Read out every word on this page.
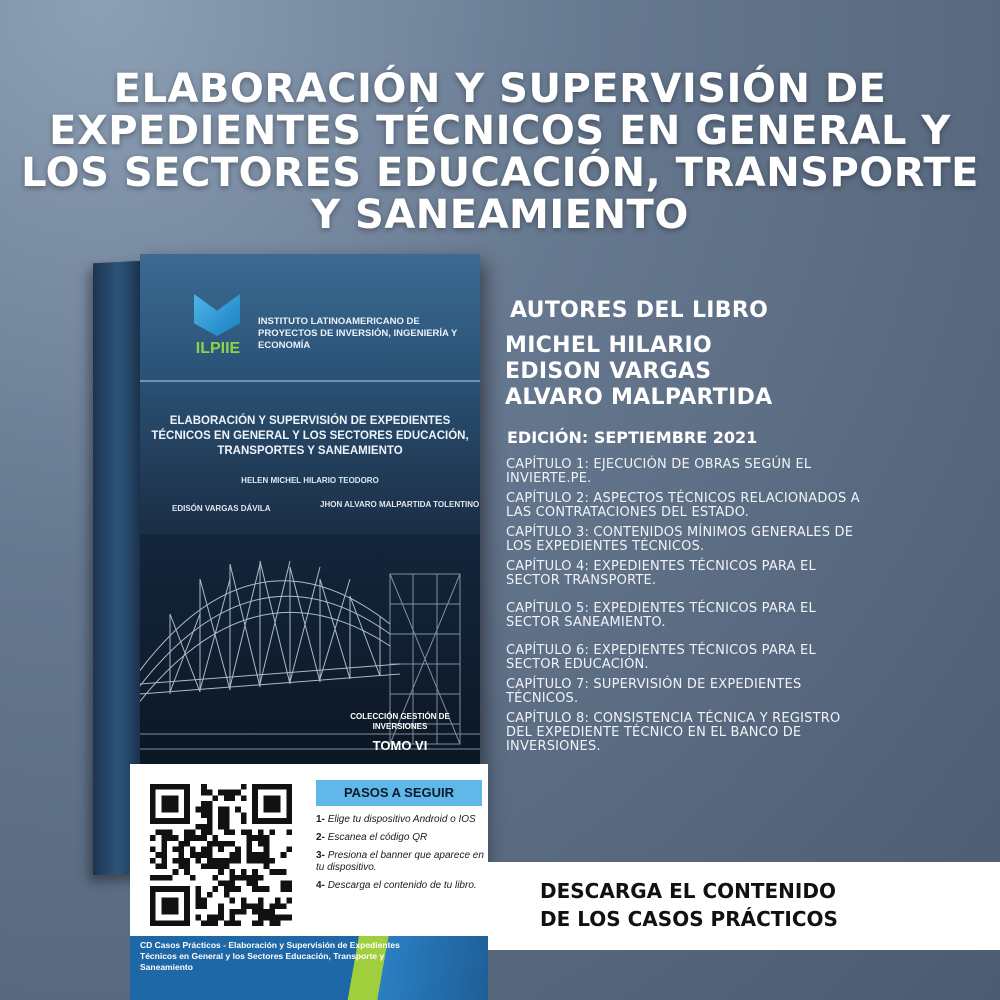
ELABORACIÓN Y SUPERVISIÓN DE
EXPEDIENTES TÉCNICOS EN GENERAL Y
LOS SECTORES EDUCACIÓN, TRANSPORTE
Y SANEAMIENTO
ILPIIE
INSTITUTO LATINOAMERICANO DE PROYECTOS DE INVERSIÓN, INGENIERÍA Y ECONOMÍA
ELABORACIÓN Y SUPERVISIÓN DE EXPEDIENTES TÉCNICOS EN GENERAL Y LOS SECTORES EDUCACIÓN, TRANSPORTES Y SANEAMIENTO
HELEN MICHEL HILARIO TEODORO
EDISÓN VARGAS DÁVILA	JHON ALVARO MALPARTIDA TOLENTINO
COLECCIÓN GESTIÓN DE INVERSIONES
TOMO VI
AUTORES DEL LIBRO
MICHEL HILARIO
EDISON VARGAS
ALVARO MALPARTIDA
EDICIÓN: SEPTIEMBRE 2021
CAPÍTULO 1: EJECUCIÓN DE OBRAS SEGÚN EL INVIERTE.PE.
CAPÍTULO 2: ASPECTOS TÉCNICOS RELACIONADOS A LAS CONTRATACIONES DEL ESTADO.
CAPÍTULO 3: CONTENIDOS MÍNIMOS GENERALES DE LOS EXPEDIENTES TÉCNICOS.
CAPÍTULO 4: EXPEDIENTES TÉCNICOS PARA EL SECTOR TRANSPORTE.
CAPÍTULO 5: EXPEDIENTES TÉCNICOS PARA EL SECTOR SANEAMIENTO.
CAPÍTULO 6: EXPEDIENTES TÉCNICOS PARA EL SECTOR EDUCACIÓN.
CAPÍTULO 7: SUPERVISIÓN DE EXPEDIENTES TÉCNICOS.
CAPÍTULO 8: CONSISTENCIA TÉCNICA Y REGISTRO DEL EXPEDIENTE TÉCNICO EN EL BANCO DE INVERSIONES.
PASOS A SEGUIR
1- Elige tu dispositivo Android o IOS
2- Escanea el código QR
3- Presiona el banner que aparece en tu dispositivo.
4- Descarga el contenido de tu libro.
CD Casos Prácticos - Elaboración y Supervisión de Expedientes Técnicos en General y los Sectores Educación, Transporte y Saneamiento
DESCARGA EL CONTENIDO
DE LOS CASOS PRÁCTICOS
